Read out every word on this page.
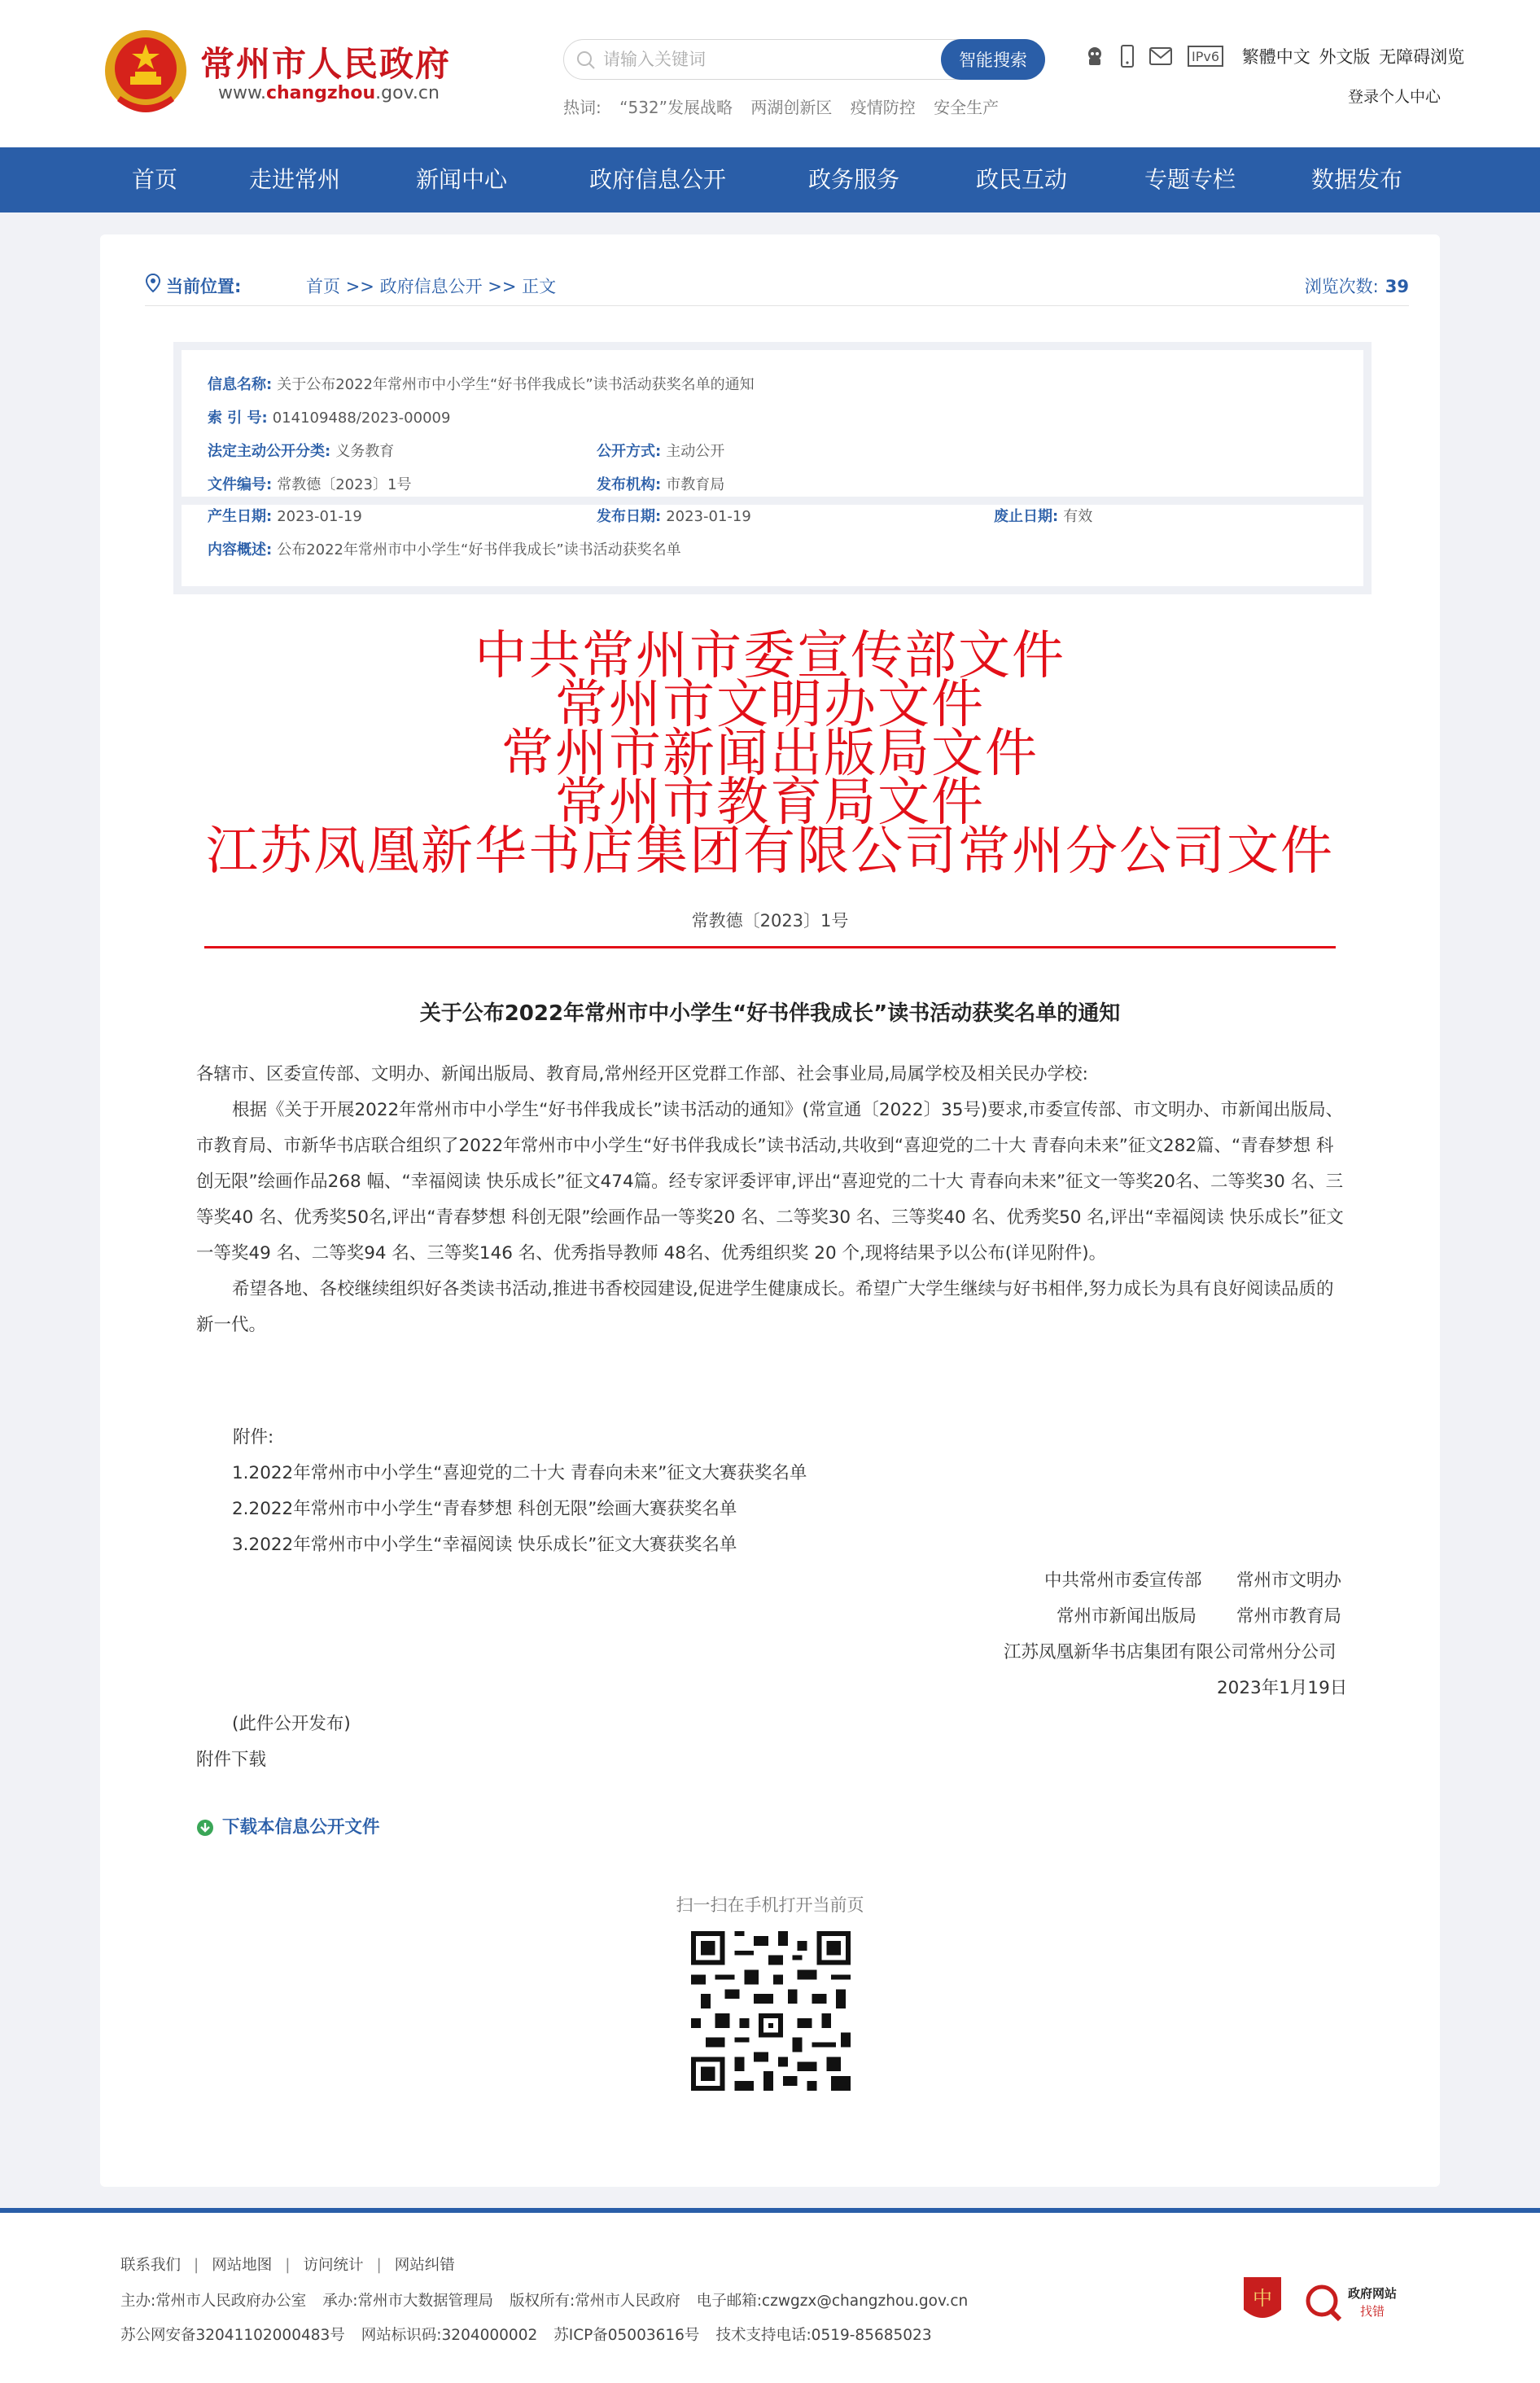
常州市人民政府
www.changzhou.gov.cn
请输入关键词
智能搜索
热词: “532”发展战略 两湖创新区 疫情防控 安全生产

IPv6 繁體中文 外文版 无障碍浏览
登录个人中心
首页	走进常州	新闻中心	政府信息公开	政务服务	政民互动	专题专栏	数据发布
当前位置:	首页 >> 政府信息公开 >> 正文	浏览次数: 39
信息名称: 关于公布2022年常州市中小学生“好书伴我成长”读书活动获奖名单的通知
索 引 号: 014109488/2023-00009
法定主动公开分类: 义务教育	公开方式: 主动公开
文件编号: 常教德〔2023〕1号	发布机构: 市教育局
产生日期: 2023-01-19	发布日期: 2023-01-19	废止日期: 有效
内容概述: 公布2022年常州市中小学生“好书伴我成长”读书活动获奖名单
中共常州市委宣传部文件
常州市文明办文件
常州市新闻出版局文件
常州市教育局文件
江苏凤凰新华书店集团有限公司常州分公司文件
常教德〔2023〕1号
关于公布2022年常州市中小学生“好书伴我成长”读书活动获奖名单的通知

各辖市、区委宣传部、文明办、新闻出版局、教育局,常州经开区党群工作部、社会事业局,局属学校及相关民办学校:

根据《关于开展2022年常州市中小学生“好书伴我成长”读书活动的通知》(常宣通〔2022〕35号)要求,市委宣传部、市文明办、市新闻出版局、市教育局、市新华书店联合组织了2022年常州市中小学生“好书伴我成长”读书活动,共收到“喜迎党的二十大 青春向未来”征文282篇、“青春梦想 科创无限”绘画作品268 幅、“幸福阅读 快乐成长”征文474篇。经专家评委评审,评出“喜迎党的二十大 青春向未来”征文一等奖20名、二等奖30 名、三等奖40 名、优秀奖50名,评出“青春梦想 科创无限”绘画作品一等奖20 名、二等奖30 名、三等奖40 名、优秀奖50 名,评出“幸福阅读 快乐成长”征文一等奖49 名、二等奖94 名、三等奖146 名、优秀指导教师 48名、优秀组织奖 20 个,现将结果予以公布(详见附件)。

希望各地、各校继续组织好各类读书活动,推进书香校园建设,促进学生健康成长。希望广大学生继续与好书相伴,努力成长为具有良好阅读品质的新一代。

附件:
1.2022年常州市中小学生“喜迎党的二十大 青春向未来”征文大赛获奖名单
2.2022年常州市中小学生“青春梦想 科创无限”绘画大赛获奖名单
3.2022年常州市中小学生“幸福阅读 快乐成长”征文大赛获奖名单
中共常州市委宣传部 常州市文明办
常州市新闻出版局 常州市教育局
江苏凤凰新华书店集团有限公司常州分公司
2023年1月19日
(此件公开发布)
附件下载
下载本信息公开文件
扫一扫在手机打开当前页
联系我们 | 网站地图 | 访问统计 | 网站纠错
主办:常州市人民政府办公室 承办:常州市大数据管理局 版权所有:常州市人民政府 电子邮箱:czwgzx@changzhou.gov.cn
苏公网安备32041102000483号 网站标识码:3204000002 苏ICP备05003616号 技术支持电话:0519-85685023
中	政府网站
找错
